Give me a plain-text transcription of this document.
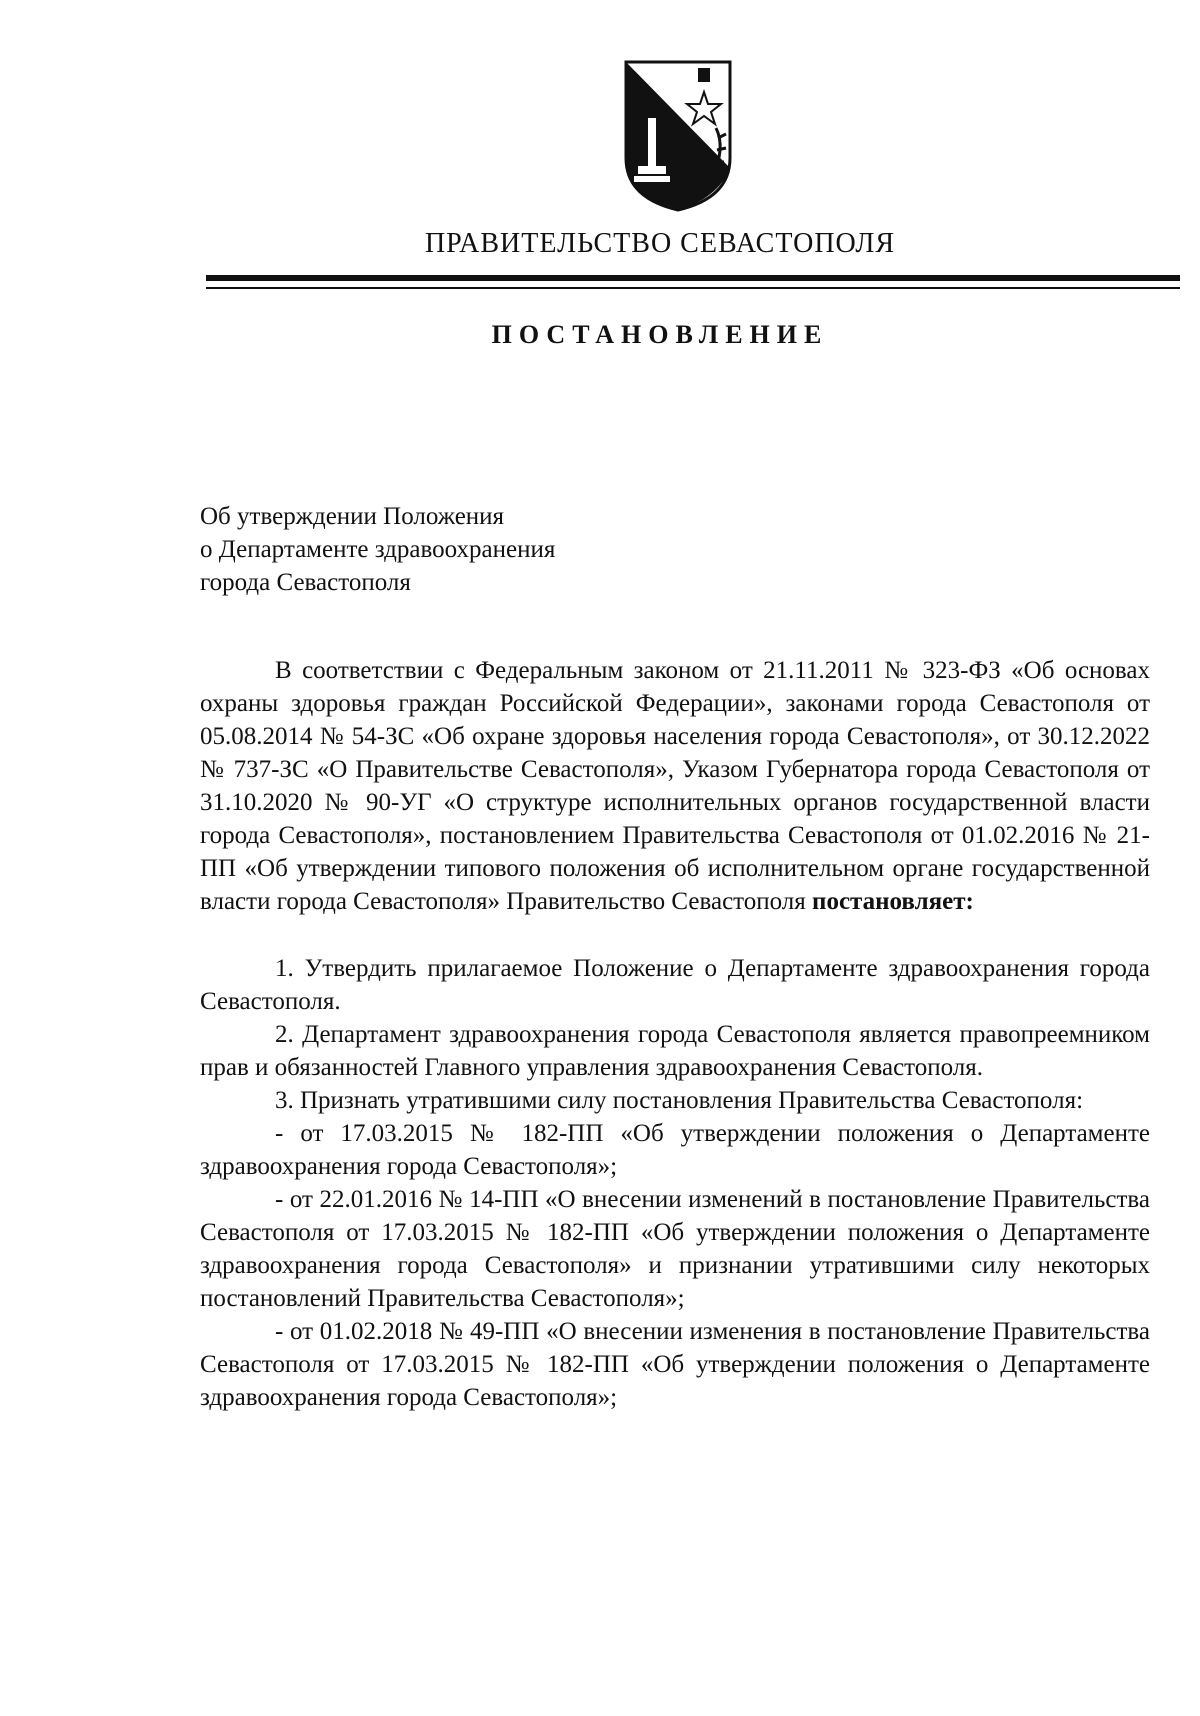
ПРАВИТЕЛЬСТВО СЕВАСТОПОЛЯ
ПОСТАНОВЛЕНИЕ
Об утверждении Положения
о Департаменте здравоохранения
города Севастополя

В соответствии с Федеральным законом от 21.11.2011 № 323-ФЗ «Об основах охраны здоровья граждан Российской Федерации», законами города Севастополя от 05.08.2014 № 54-ЗС «Об охране здоровья населения города Севастополя», от 30.12.2022 № 737-ЗС «О Правительстве Севастополя», Указом Губернатора города Севастополя от 31.10.2020 № 90-УГ «О структуре исполнительных органов государственной власти города Севастополя», постановлением Правительства Севастополя от 01.02.2016 № 21-ПП «Об утверждении типового положения об исполнительном органе государственной власти города Севастополя» Правительство Севастополя постановляет:

1. Утвердить прилагаемое Положение о Департаменте здравоохранения города Севастополя.

2. Департамент здравоохранения города Севастополя является правопреемником прав и обязанностей Главного управления здравоохранения Севастополя.

3. Признать утратившими силу постановления Правительства Севастополя:

- от 17.03.2015 № 182-ПП «Об утверждении положения о Департаменте здравоохранения города Севастополя»;

- от 22.01.2016 № 14-ПП «О внесении изменений в постановление Правительства Севастополя от 17.03.2015 № 182-ПП «Об утверждении положения о Департаменте здравоохранения города Севастополя» и признании утратившими силу некоторых постановлений Правительства Севастополя»;

- от 01.02.2018 № 49-ПП «О внесении изменения в постановление Правительства Севастополя от 17.03.2015 № 182-ПП «Об утверждении положения о Департаменте здравоохранения города Севастополя»;
